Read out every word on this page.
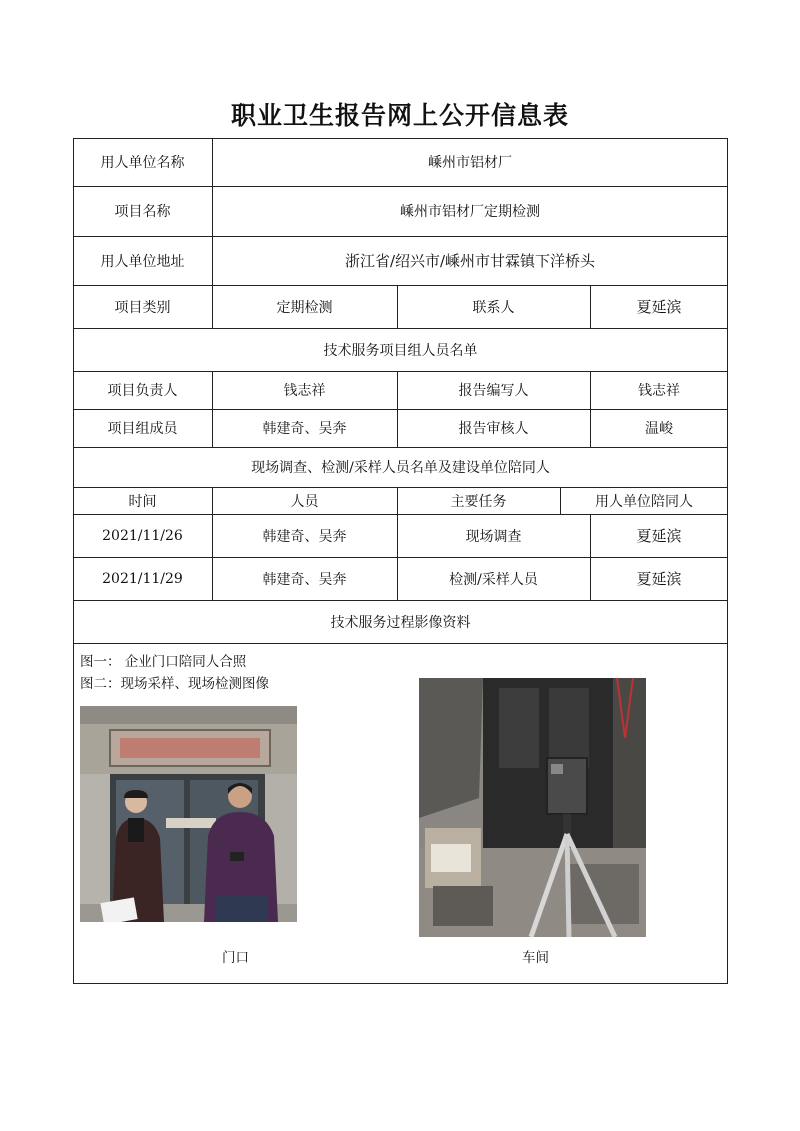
职业卫生报告网上公开信息表
用人单位名称	嵊州市铝材厂
项目名称	嵊州市铝材厂定期检测
用人单位地址	浙江省/绍兴市/嵊州市甘霖镇下洋桥头
项目类别	定期检测	联系人	夏延滨
技术服务项目组人员名单
项目负责人	钱志祥	报告编写人	钱志祥
项目组成员	韩建奇、吴奔	报告审核人	温峻
现场调查、检测/采样人员名单及建设单位陪同人
时间	人员	主要任务	用人单位陪同人
2021/11/26	韩建奇、吴奔	现场调查	夏延滨
2021/11/29	韩建奇、吴奔	检测/采样人员	夏延滨
技术服务过程影像资料
图一： 企业门口陪同人合照
图二：现场采样、现场检测图像
门口	车间
